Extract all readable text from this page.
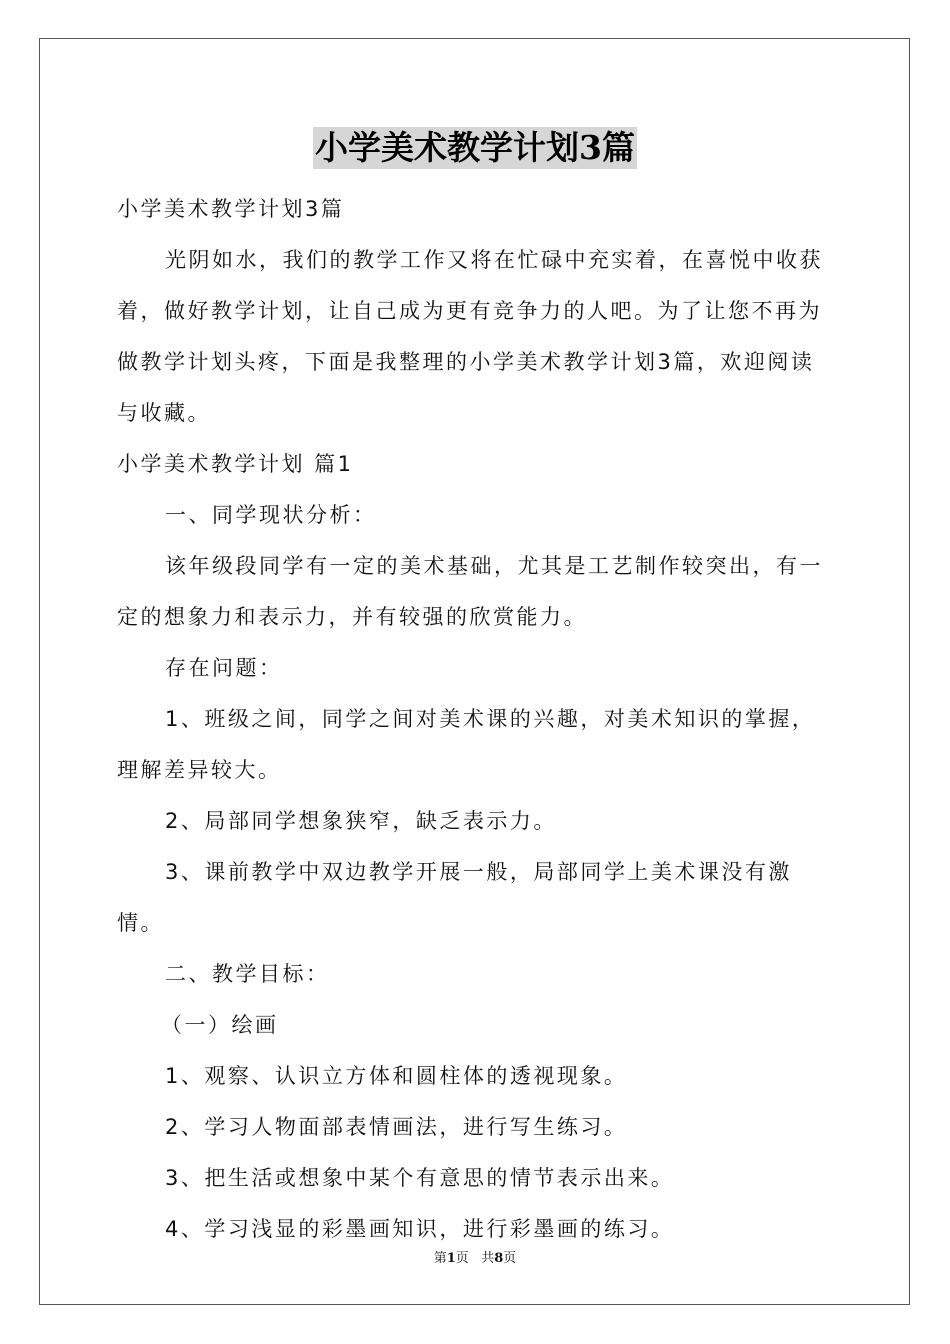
小学美术教学计划3篇

小学美术教学计划3篇

光阴如水，我们的教学工作又将在忙碌中充实着，在喜悦中收获着，做好教学计划，让自己成为更有竞争力的人吧。为了让您不再为做教学计划头疼，下面是我整理的小学美术教学计划3篇，欢迎阅读与收藏。

小学美术教学计划 篇1

一、同学现状分析：

该年级段同学有一定的美术基础，尤其是工艺制作较突出，有一定的想象力和表示力，并有较强的欣赏能力。

存在问题：

1、班级之间，同学之间对美术课的兴趣，对美术知识的掌握，理解差异较大。

2、局部同学想象狭窄，缺乏表示力。

3、课前教学中双边教学开展一般，局部同学上美术课没有激情。

二、教学目标：

（一）绘画

1、观察、认识立方体和圆柱体的透视现象。

2、学习人物面部表情画法，进行写生练习。

3、把生活或想象中某个有意思的情节表示出来。

4、学习浅显的彩墨画知识，进行彩墨画的练习。

第1页 共8页
